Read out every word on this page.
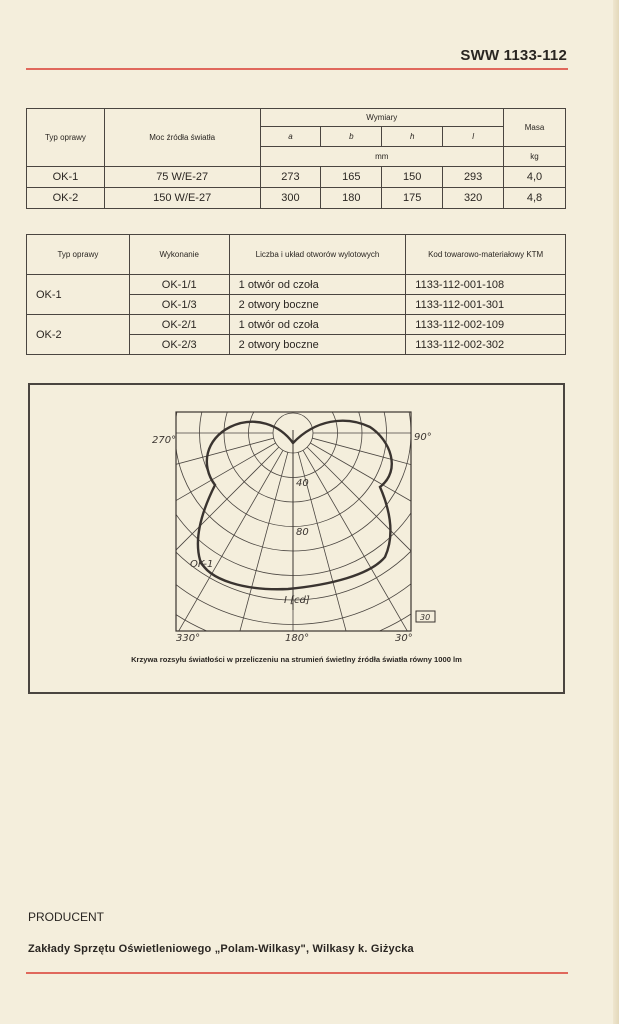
SWW 1133-112
Typ oprawy	Moc źródła światła	Wymiary				Masa
		a	b	h	l	
		mm				kg
OK-1	75 W/E-27	273	165	150	293	4,0
OK-2	150 W/E-27	300	180	175	320	4,8
Typ oprawy	Wykonanie	Liczba i układ otworów wylotowych	Kod towarowo-materiałowy KTM
OK-1	OK-1/1	1 otwór od czoła	1133-112-001-108
	OK-1/3	2 otwory boczne	1133-112-001-301
OK-2	OK-2/1	1 otwór od czoła	1133-112-002-109
	OK-2/3	2 otwory boczne	1133-112-002-302
270°	90°
330°	180°	30°
40
80
OK-1
I [cd]
30
Krzywa rozsyłu światłości w przeliczeniu na strumień świetlny źródła światła równy 1000 lm
PRODUCENT
Zakłady Sprzętu Oświetleniowego „Polam-Wilkasy", Wilkasy k. Giżycka
